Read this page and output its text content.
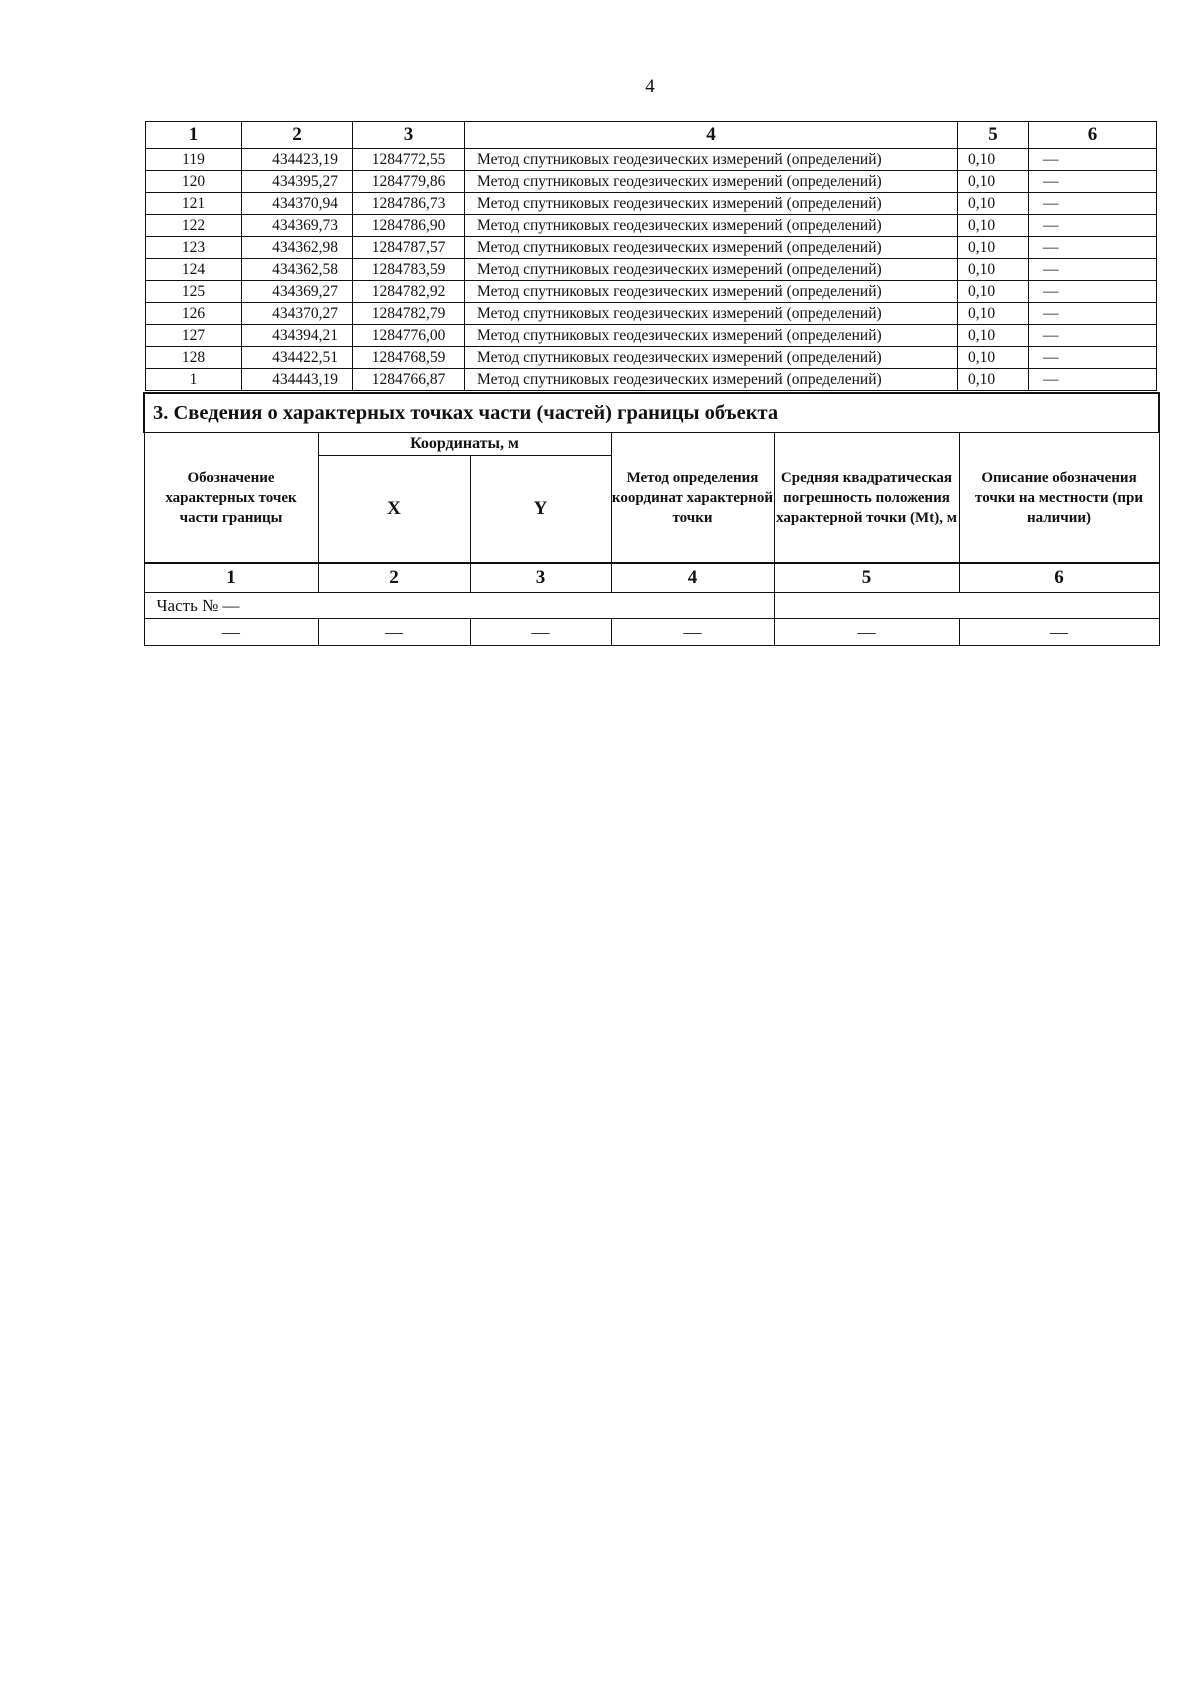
4
1	2	3	4	5	6
119	434423,19	1284772,55	Метод спутниковых геодезических измерений (определений)	0,10	—
120	434395,27	1284779,86	Метод спутниковых геодезических измерений (определений)	0,10	—
121	434370,94	1284786,73	Метод спутниковых геодезических измерений (определений)	0,10	—
122	434369,73	1284786,90	Метод спутниковых геодезических измерений (определений)	0,10	—
123	434362,98	1284787,57	Метод спутниковых геодезических измерений (определений)	0,10	—
124	434362,58	1284783,59	Метод спутниковых геодезических измерений (определений)	0,10	—
125	434369,27	1284782,92	Метод спутниковых геодезических измерений (определений)	0,10	—
126	434370,27	1284782,79	Метод спутниковых геодезических измерений (определений)	0,10	—
127	434394,21	1284776,00	Метод спутниковых геодезических измерений (определений)	0,10	—
128	434422,51	1284768,59	Метод спутниковых геодезических измерений (определений)	0,10	—
1	434443,19	1284766,87	Метод спутниковых геодезических измерений (определений)	0,10	—
3. Сведения о характерных точках части (частей) границы объекта					
Обозначение характерных точек части границы	Координаты, м		Метод определения координат характерной точки	Средняя квадратическая погрешность положения характерной точки (Mt), м	Описание обозначения точки на местности (при наличии)
	X	Y			
1	2	3	4	5	6
Часть № —					
—	—	—	—	—	—
